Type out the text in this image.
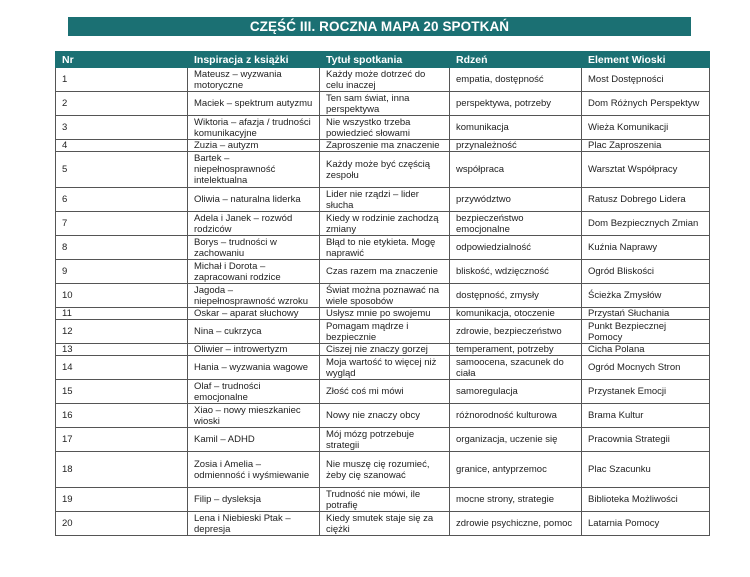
CZĘŚĆ III. ROCZNA MAPA 20 SPOTKAŃ
Nr	Inspiracja z książki	Tytuł spotkania	Rdzeń	Element Wioski
1	Mateusz – wyzwania motoryczne	Każdy może dotrzeć do celu inaczej	empatia, dostępność	Most Dostępności
2	Maciek – spektrum autyzmu	Ten sam świat, inna perspektywa	perspektywa, potrzeby	Dom Różnych Perspektyw
3	Wiktoria – afazja / trudności komunikacyjne	Nie wszystko trzeba powiedzieć słowami	komunikacja	Wieża Komunikacji
4	Zuzia – autyzm	Zaproszenie ma znaczenie	przynależność	Plac Zaproszenia
5	Bartek – niepełnosprawność intelektualna	Każdy może być częścią zespołu	współpraca	Warsztat Współpracy
6	Oliwia – naturalna liderka	Lider nie rządzi – lider słucha	przywództwo	Ratusz Dobrego Lidera
7	Adela i Janek – rozwód rodziców	Kiedy w rodzinie zachodzą zmiany	bezpieczeństwo emocjonalne	Dom Bezpiecznych Zmian
8	Borys – trudności w zachowaniu	Błąd to nie etykieta. Mogę naprawić	odpowiedzialność	Kuźnia Naprawy
9	Michał i Dorota – zapracowani rodzice	Czas razem ma znaczenie	bliskość, wdzięczność	Ogród Bliskości
10	Jagoda – niepełnosprawność wzroku	Świat można poznawać na wiele sposobów	dostępność, zmysły	Ścieżka Zmysłów
11	Oskar – aparat słuchowy	Usłysz mnie po swojemu	komunikacja, otoczenie	Przystań Słuchania
12	Nina – cukrzyca	Pomagam mądrze i bezpiecznie	zdrowie, bezpieczeństwo	Punkt Bezpiecznej Pomocy
13	Oliwier – introwertyzm	Ciszej nie znaczy gorzej	temperament, potrzeby	Cicha Polana
14	Hania – wyzwania wagowe	Moja wartość to więcej niż wygląd	samoocena, szacunek do ciała	Ogród Mocnych Stron
15	Olaf – trudności emocjonalne	Złość coś mi mówi	samoregulacja	Przystanek Emocji
16	Xiao – nowy mieszkaniec wioski	Nowy nie znaczy obcy	różnorodność kulturowa	Brama Kultur
17	Kamil – ADHD	Mój mózg potrzebuje strategii	organizacja, uczenie się	Pracownia Strategii
18	Zosia i Amelia – odmienność i wyśmiewanie	Nie muszę cię rozumieć, żeby cię szanować	granice, antyprzemoc	Plac Szacunku
19	Filip – dysleksja	Trudność nie mówi, ile potrafię	mocne strony, strategie	Biblioteka Możliwości
20	Lena i Niebieski Ptak – depresja	Kiedy smutek staje się za ciężki	zdrowie psychiczne, pomoc	Latarnia Pomocy
